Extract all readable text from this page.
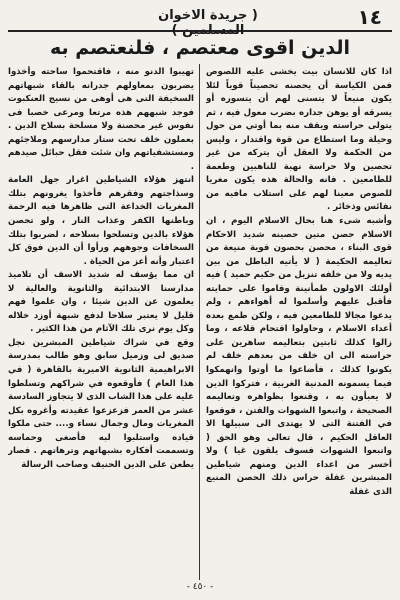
١٤
( جريدة الاخوان المسلمين )
الدين اقوى معتصم ، فلنعتصم به

اذا كان للانسان بيت يخشى عليه اللصوص فمن الكياسة أن يحصنه تحصيناً قوياً لئلا يكون منيعاً لا يتسنى لهم أن يتسوره أو يسرقه أو يوهن جداره بضرب معول فيه ، ثم يتولى حراسته ويقف منه بما أوتي من حول وحيلة وما استطاع من قوة واقتدار ، وليس من الحكمة ولا العقل أن يتركه من غير تحصين ولا حراسة نهبة للناهبين وطعمة للطامعين . فانه والحالة هذه يكون مغريا للصوص معينا لهم على استلاب مافيه من نفائس وذخائر .

وأشبه شىء هنا بحال الاسلام اليوم ، ان الاسلام حصن متين حصينه شديد الاحكام قوى البناء ، محصن بحصون قوية منيعة من تعاليمه الحكيمة ( لا يأتيه الباطل من بين يديه ولا من خلفه تنزيل من حكيم حميد ) فيه أولئك الاولون طمأنينة وقاموا على حمايته فأقبل عليهم وأسلموا له أهواءهم ، ولم يدعوا مجالا للطامعين فيه ، ولكن طمع بعده أعداء الاسلام ، وحاولوا اقتحام قلاعه ، وما زالوا كذلك ثابتين بتعاليمه ساهرين على حراسته الى ان خلف من بعدهم خلف لم يكونوا كذلك ، فأضاعوا ما أوتوا وانهمكوا فيما يسمونه المدنية الغربية ، فتركوا الدين لا يعبأون به ، وقنعوا بظواهره وتعاليمه الصحيحة ، واتبعوا الشهوات والفتن ، فوقعوا في الفتنة التى لا يهتدى الى سبيلها الا العاقل الحكيم ، قال تعالى وهو الحق ( واتبعوا الشهوات فسوف يلقون غيا ) ولا أخسر من اعداء الدين ومنهم شياطين المبشرين غفلة حراس ذلك الحصن المنيع الذى غفلة

تهيبوا الدنو منه ، فاقتحموا ساحته وأخذوا يضربون بمعاولهم جدرانه بالقاء شبهاتهم السخيفة التى هى أوهى من نسيج العنكبوت فوجد شبههم هذه مرتعا ومرعى خصبا فى نفوس غير محصنة ولا مسلحة بسلاح الدين . بعملون خلف تحت ستار مدارسهم وملاجئهم ومستشفياتهم وان شئت فقل حبائل صيدهم .

انتهز هؤلاء الشياطين اغرار جهل العامة وسذاجتهم وفقرهم فأخذوا يغرونهم بتلك المغريات الخداعة التى ظاهرها فيه الرحمة وباطنها الكفر وعذاب النار ، ولو تحصن هؤلاء بالدين وتسلحوا بسلاحه ، لضربوا بتلك السخافات وجوههم ورأوا أن الدين فوق كل اعتبار وأنه أعز من الحياة .

ان مما يؤسف له شديد الاسف أن تلاميذ مدارسنا الابتدائية والثانوية والعالية لا يعلمون عن الدين شيئا ، وان علموا فهم قليل لا يعتبر سلاحا لدفع شبهة أوزد خلاله وكل يوم نرى تلك الآثام من هذا الكثير .

وقع في شراك شياطين المبشرين نجل صديق لى وزميل سابق وهو طالب بمدرسة الابراهيمية الثانوية الاميرية بالقاهرة ( في هذا العام ) فأوقعوه في شراكهم وتسلطوا عليه على هذا الشاب الذى لا يتجاوز السادسة عشر من العمر فزعزعوا عقيدته وأغروه بكل المغريات ومال وجمال نساء و.... حتى ملكوا قياده واستلبوا لبه فأصغى وحماسه وتسممت أفكاره بشبهاتهم وترهاتهم . فصار يطعن على الدين الحنيف وصاحب الرسالة

- ٤٥٠ -
